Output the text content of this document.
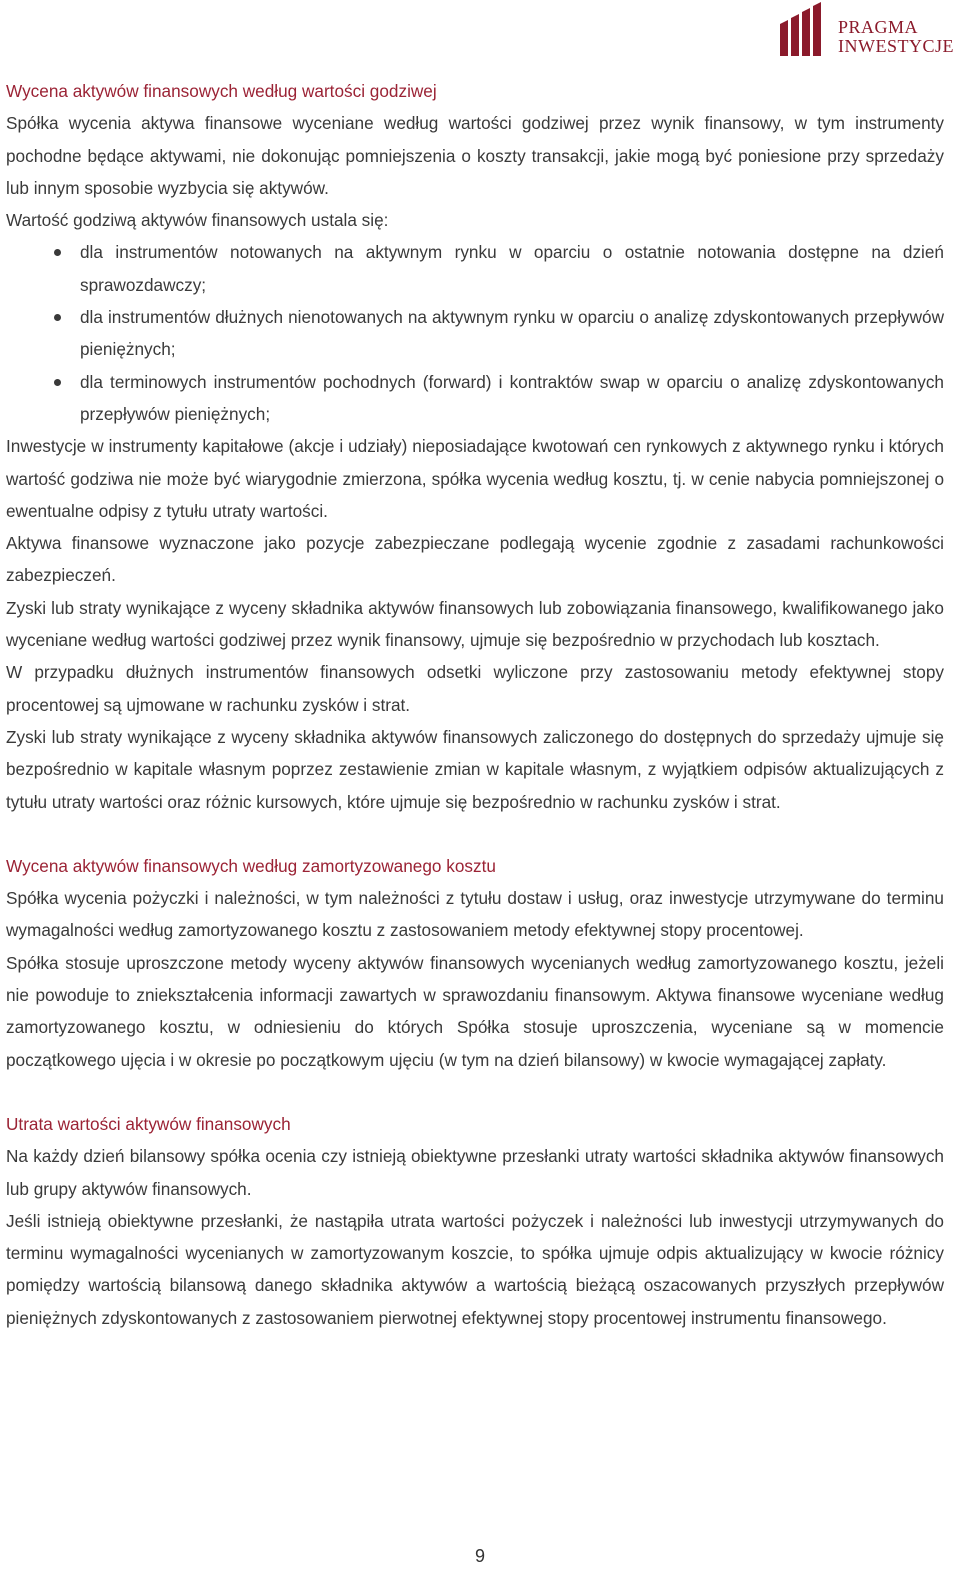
PRAGMA
INWESTYCJE
Wycena aktywów finansowych według wartości godziwej

Spółka wycenia aktywa finansowe wyceniane według wartości godziwej przez wynik finansowy, w tym instrumenty pochodne będące aktywami, nie dokonując pomniejszenia o koszty transakcji, jakie mogą być poniesione przy sprzedaży lub innym sposobie wyzbycia się aktywów.

Wartość godziwą aktywów finansowych ustala się:

dla instrumentów notowanych na aktywnym rynku w oparciu o ostatnie notowania dostępne na dzień sprawozdawczy;
dla instrumentów dłużnych nienotowanych na aktywnym rynku w oparciu o analizę zdyskontowanych przepływów pieniężnych;
dla terminowych instrumentów pochodnych (forward) i kontraktów swap w oparciu o analizę zdyskontowanych przepływów pieniężnych;

Inwestycje w instrumenty kapitałowe (akcje i udziały) nieposiadające kwotowań cen rynkowych z aktywnego rynku i których wartość godziwa nie może być wiarygodnie zmierzona, spółka wycenia według kosztu, tj. w cenie nabycia pomniejszonej o ewentualne odpisy z tytułu utraty wartości.

Aktywa finansowe wyznaczone jako pozycje zabezpieczane podlegają wycenie zgodnie z zasadami rachunkowości zabezpieczeń.

Zyski lub straty wynikające z wyceny składnika aktywów finansowych lub zobowiązania finansowego, kwalifikowanego jako wyceniane według wartości godziwej przez wynik finansowy, ujmuje się bezpośrednio w przychodach lub kosztach.

W przypadku dłużnych instrumentów finansowych odsetki wyliczone przy zastosowaniu metody efektywnej stopy procentowej są ujmowane w rachunku zysków i strat.

Zyski lub straty wynikające z wyceny składnika aktywów finansowych zaliczonego do dostępnych do sprzedaży ujmuje się bezpośrednio w kapitale własnym poprzez zestawienie zmian w kapitale własnym, z wyjątkiem odpisów aktualizujących z tytułu utraty wartości oraz różnic kursowych, które ujmuje się bezpośrednio w rachunku zysków i strat.

Wycena aktywów finansowych według zamortyzowanego kosztu

Spółka wycenia pożyczki i należności, w tym należności z tytułu dostaw i usług, oraz inwestycje utrzymywane do terminu wymagalności według zamortyzowanego kosztu z zastosowaniem metody efektywnej stopy procentowej.

Spółka stosuje uproszczone metody wyceny aktywów finansowych wycenianych według zamortyzowanego kosztu, jeżeli nie powoduje to zniekształcenia informacji zawartych w sprawozdaniu finansowym. Aktywa finansowe wyceniane według zamortyzowanego kosztu, w odniesieniu do których Spółka stosuje uproszczenia, wyceniane są w momencie początkowego ujęcia i w okresie po początkowym ujęciu (w tym na dzień bilansowy) w kwocie wymagającej zapłaty.

Utrata wartości aktywów finansowych

Na każdy dzień bilansowy spółka ocenia czy istnieją obiektywne przesłanki utraty wartości składnika aktywów finansowych lub grupy aktywów finansowych.

Jeśli istnieją obiektywne przesłanki, że nastąpiła utrata wartości pożyczek i należności lub inwestycji utrzymywanych do terminu wymagalności wycenianych w zamortyzowanym koszcie, to spółka ujmuje odpis aktualizujący w kwocie różnicy pomiędzy wartością bilansową danego składnika aktywów a wartością bieżącą oszacowanych przyszłych przepływów pieniężnych zdyskontowanych z zastosowaniem pierwotnej efektywnej stopy procentowej instrumentu finansowego.

9
